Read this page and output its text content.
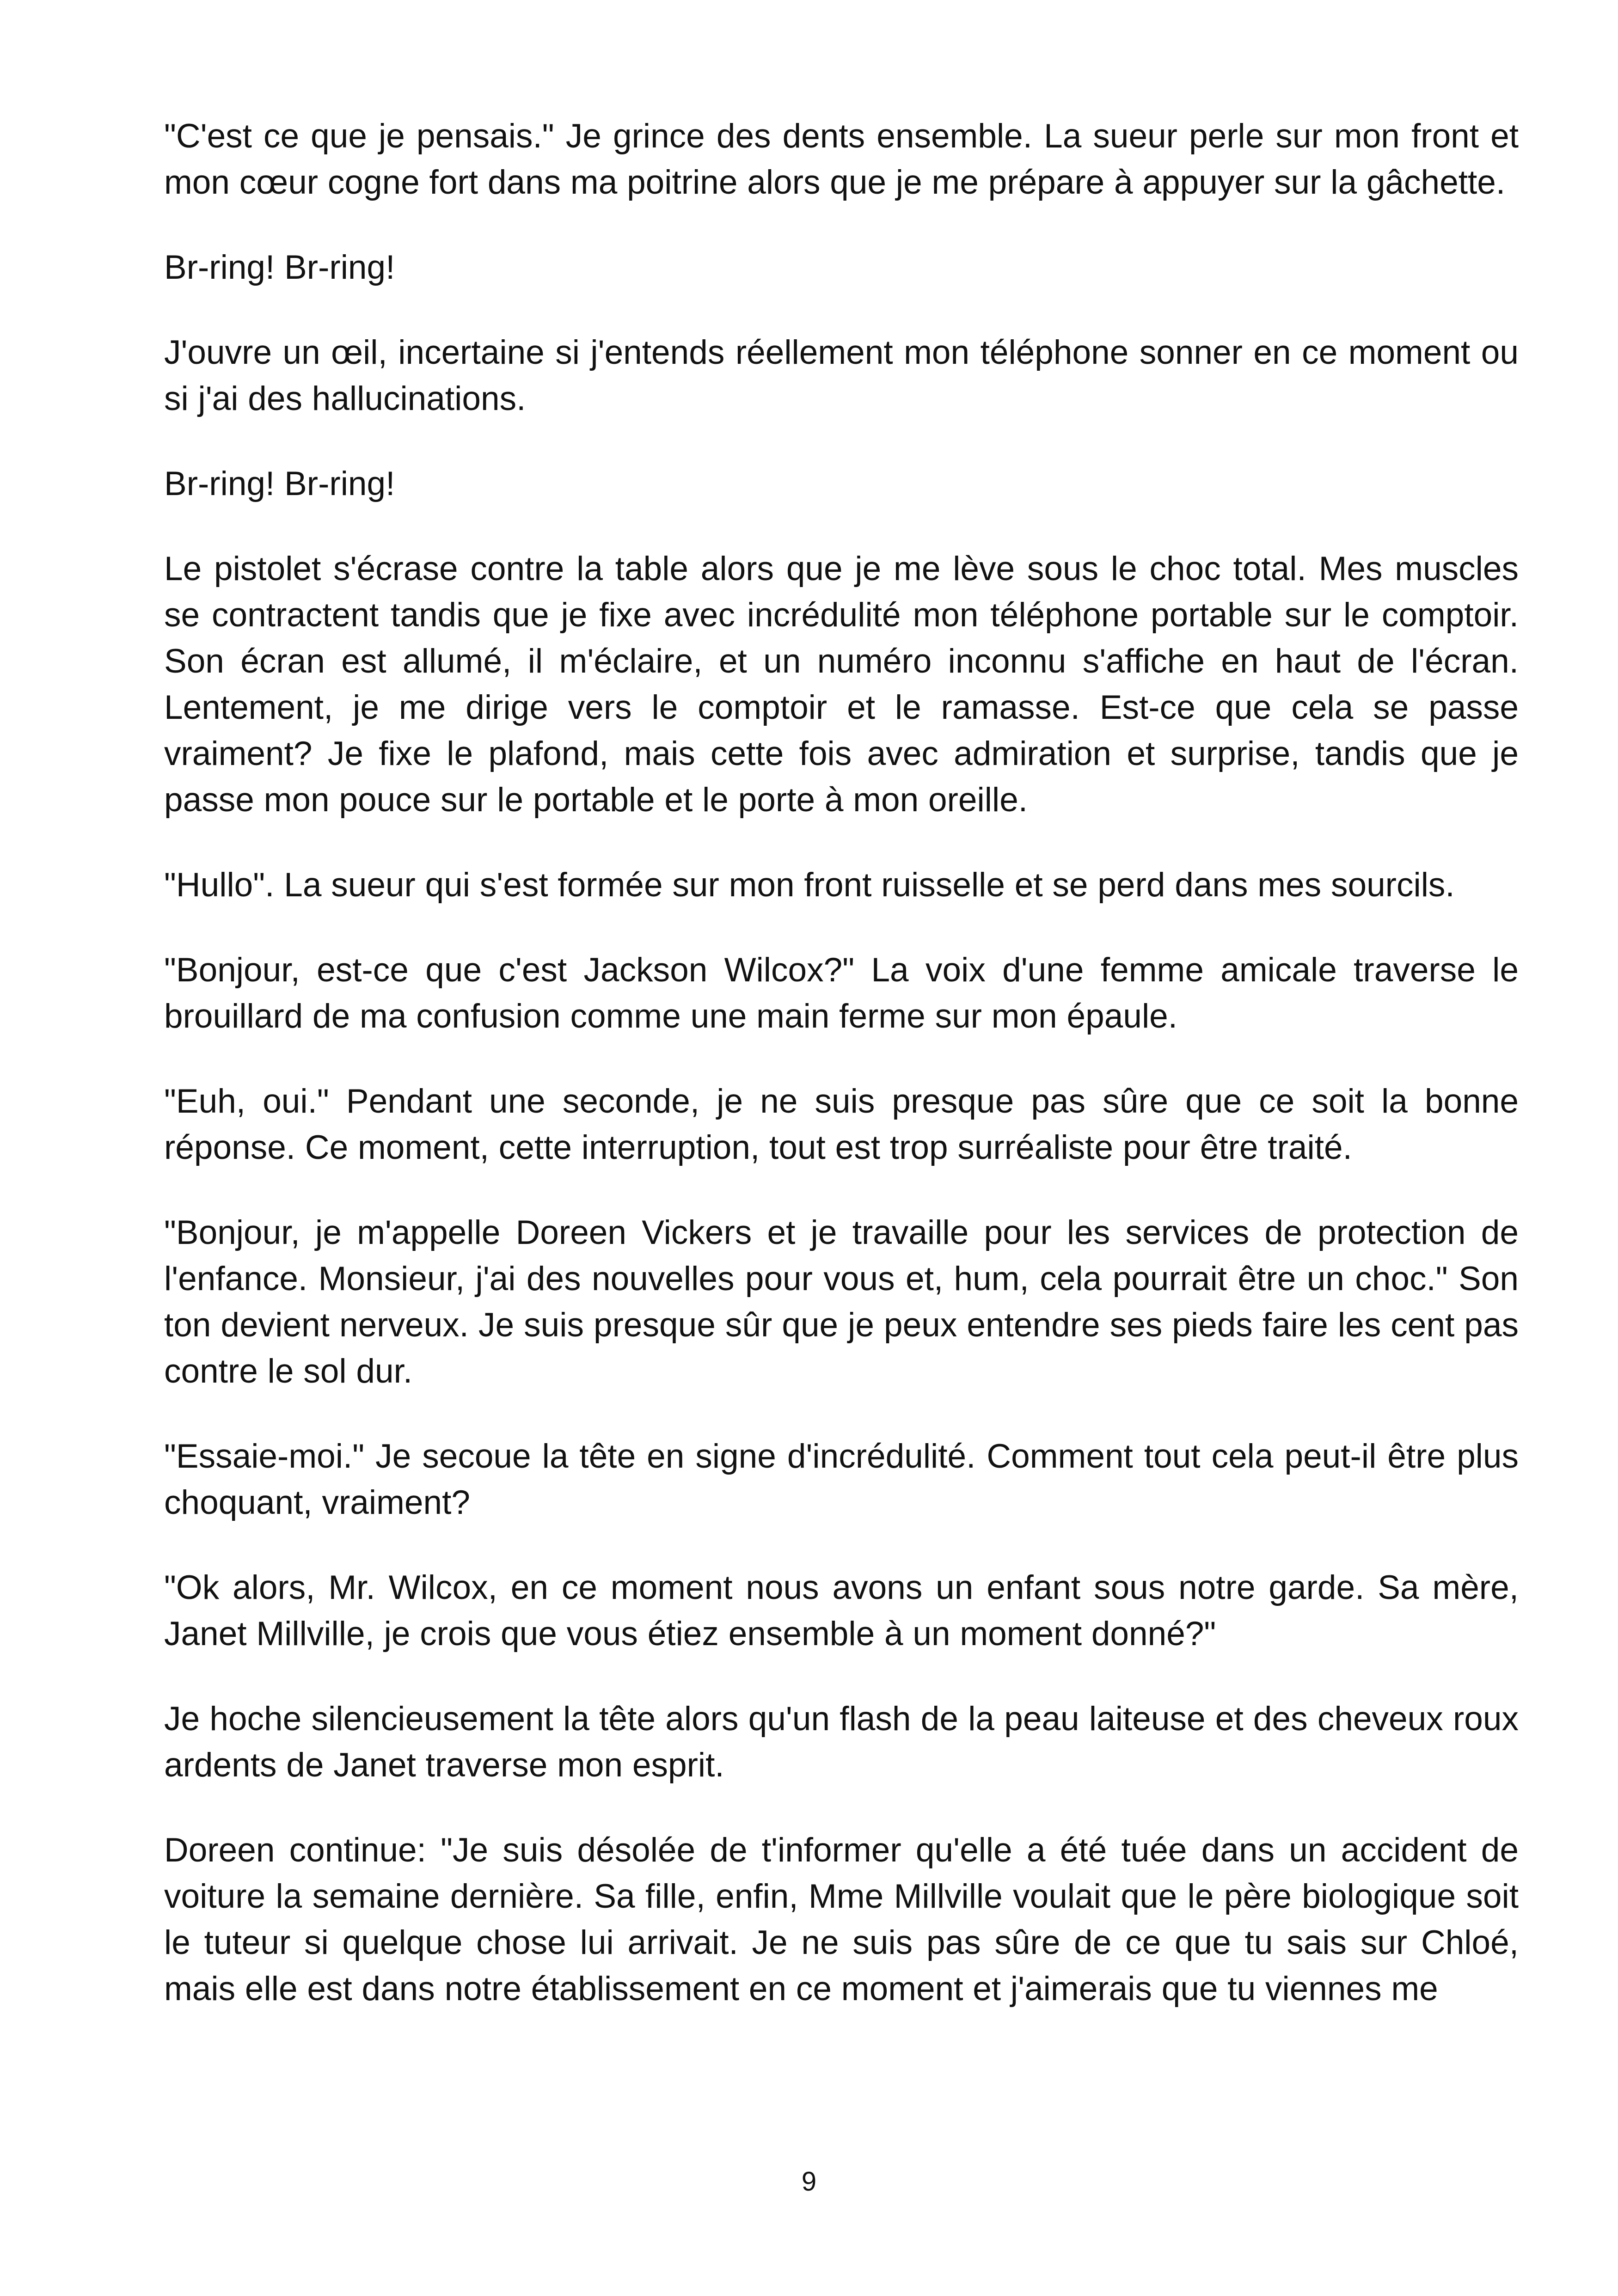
"C'est ce que je pensais." Je grince des dents ensemble. La sueur perle sur mon front et mon cœur cogne fort dans ma poitrine alors que je me prépare à appuyer sur la gâchette.

Br-ring! Br-ring!

J'ouvre un œil, incertaine si j'entends réellement mon téléphone sonner en ce moment ou si j'ai des hallucinations.

Br-ring! Br-ring!

Le pistolet s'écrase contre la table alors que je me lève sous le choc total. Mes muscles se contractent tandis que je fixe avec incrédulité mon téléphone portable sur le comptoir. Son écran est allumé, il m'éclaire, et un numéro inconnu s'affiche en haut de l'écran. Lentement, je me dirige vers le comptoir et le ramasse. Est-ce que cela se passe vraiment? Je fixe le plafond, mais cette fois avec admiration et surprise, tandis que je passe mon pouce sur le portable et le porte à mon oreille.

"Hullo". La sueur qui s'est formée sur mon front ruisselle et se perd dans mes sourcils.

"Bonjour, est-ce que c'est Jackson Wilcox?" La voix d'une femme amicale traverse le brouillard de ma confusion comme une main ferme sur mon épaule.

"Euh, oui." Pendant une seconde, je ne suis presque pas sûre que ce soit la bonne réponse. Ce moment, cette interruption, tout est trop surréaliste pour être traité.

"Bonjour, je m'appelle Doreen Vickers et je travaille pour les services de protection de l'enfance. Monsieur, j'ai des nouvelles pour vous et, hum, cela pourrait être un choc." Son ton devient nerveux. Je suis presque sûr que je peux entendre ses pieds faire les cent pas contre le sol dur.

"Essaie-moi." Je secoue la tête en signe d'incrédulité. Comment tout cela peut-il être plus choquant, vraiment?

"Ok alors, Mr. Wilcox, en ce moment nous avons un enfant sous notre garde. Sa mère, Janet Millville, je crois que vous étiez ensemble à un moment donné?"

Je hoche silencieusement la tête alors qu'un flash de la peau laiteuse et des cheveux roux ardents de Janet traverse mon esprit.

Doreen continue: "Je suis désolée de t'informer qu'elle a été tuée dans un accident de voiture la semaine dernière. Sa fille, enfin, Mme Millville voulait que le père biologique soit le tuteur si quelque chose lui arrivait. Je ne suis pas sûre de ce que tu sais sur Chloé, mais elle est dans notre établissement en ce moment et j'aimerais que tu viennes me

9
